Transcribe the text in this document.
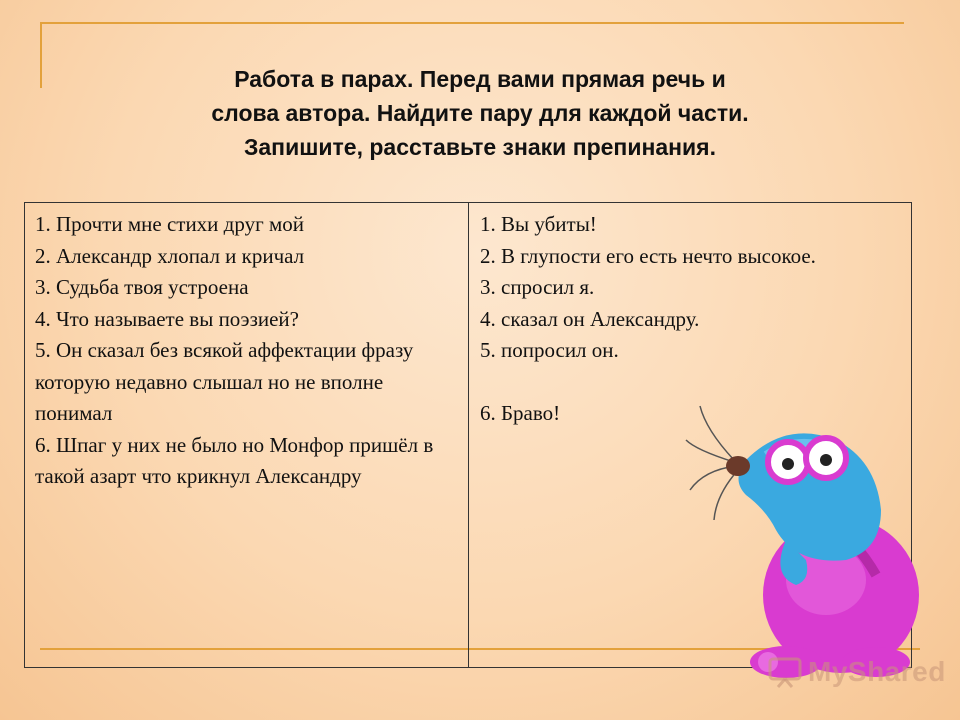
Работа в парах. Перед вами прямая речь и
слова автора. Найдите пару для каждой части.
Запишите, расставьте знаки препинания.

1. Прочти мне стихи друг мой

2. Александр хлопал и кричал

3. Судьба твоя устроена

4. Что называете вы поэзией?

5. Он сказал без всякой аффектации фразу которую недавно слышал но не вполне понимал

6. Шпаг у них не было но Монфор пришёл в такой азарт что крикнул Александру

1. Вы убиты!

2. В глупости его есть нечто высокое.

3. спросил я.

4. сказал он Александру.

5. попросил он.

6. Браво!

MyShared
